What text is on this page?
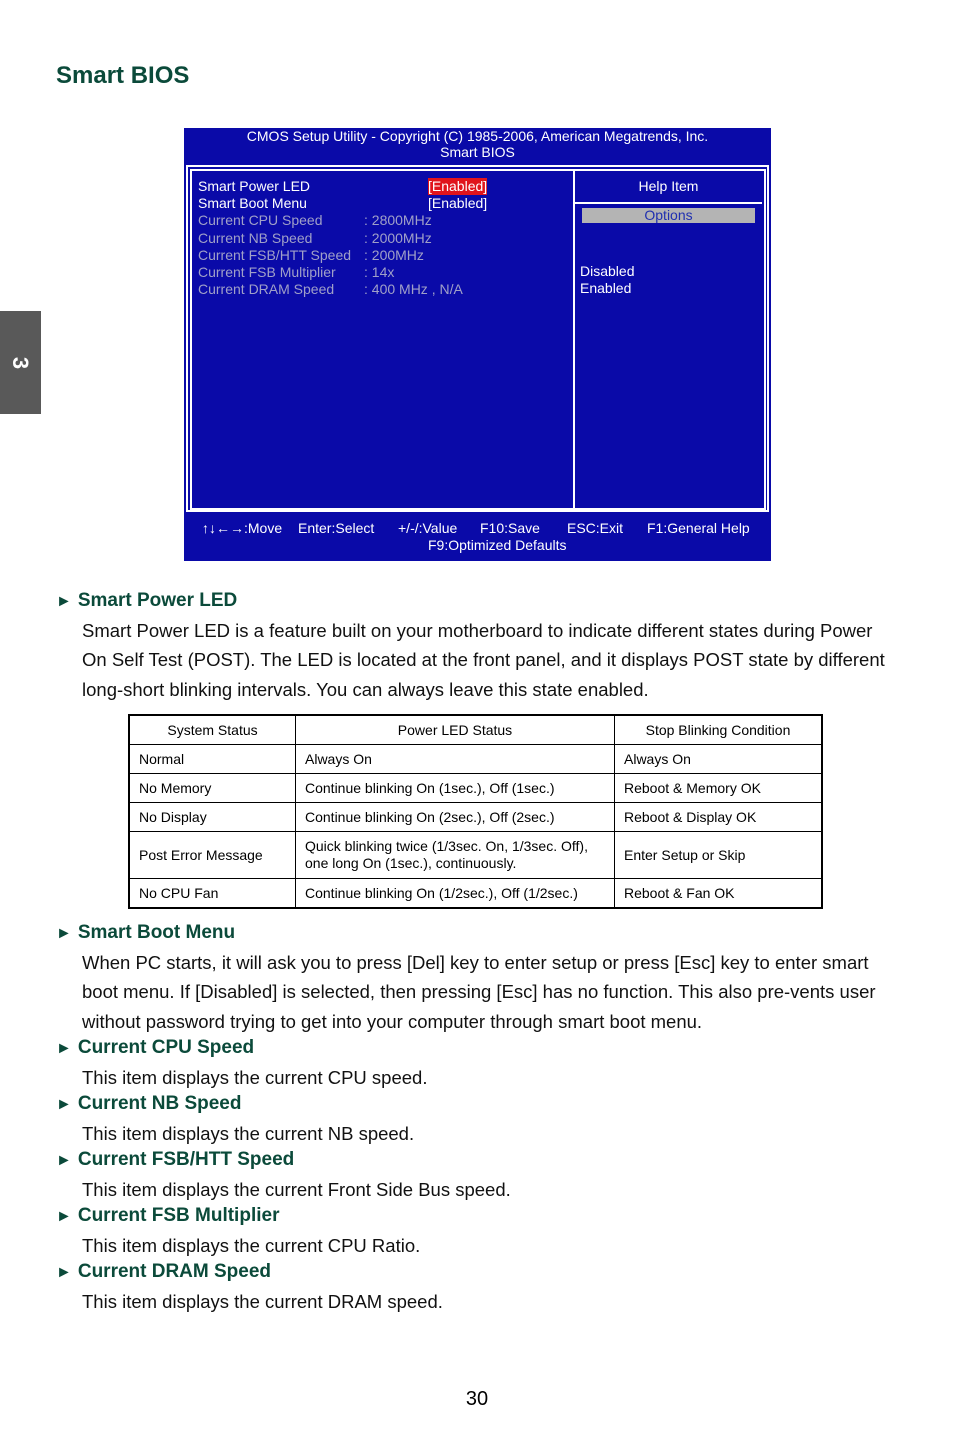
Smart BIOS
3
CMOS Setup Utility - Copyright (C) 1985-2006, American Megatrends, Inc.
Smart BIOS
Smart Power LED	[Enabled]
Smart Boot Menu	[Enabled]
Current CPU Speed	: 2800MHz
Current NB Speed	: 2000MHz
Current FSB/HTT Speed : 200MHz
Current FSB Multiplier : 14x
Current DRAM Speed : 400 MHz , N/A
Help Item
Options
Disabled
Enabled
↑↓←→:Move Enter:Select +/-/:Value F10:Save ESC:Exit F1:General Help
F9:Optimized Defaults
► Smart Power LED

Smart Power LED is a feature built on your motherboard to indicate different states during Power On Self Test (POST). The LED is located at the front panel, and it displays POST state by different long-short blinking intervals. You can always leave this state enabled.

System Status	Power LED Status	Stop Blinking Condition
Normal	Always On	Always On
No Memory	Continue blinking On (1sec.), Off (1sec.)	Reboot & Memory OK
No Display	Continue blinking On (2sec.), Off (2sec.)	Reboot & Display OK
Post Error Message	Quick blinking twice (1/3sec. On, 1/3sec. Off), one long On (1sec.), continuously.	Enter Setup or Skip
No CPU Fan	Continue blinking On (1/2sec.), Off (1/2sec.)	Reboot & Fan OK
► Smart Boot Menu

When PC starts, it will ask you to press [Del] key to enter setup or press [Esc] key to enter smart boot menu. If [Disabled] is selected, then pressing [Esc] has no function. This also pre-vents user without password trying to get into your computer through smart boot menu.

► Current CPU Speed

This item displays the current CPU speed.

► Current NB Speed

This item displays the current NB speed.

► Current FSB/HTT Speed

This item displays the current Front Side Bus speed.

► Current FSB Multiplier

This item displays the current CPU Ratio.

► Current DRAM Speed

This item displays the current DRAM speed.

30
